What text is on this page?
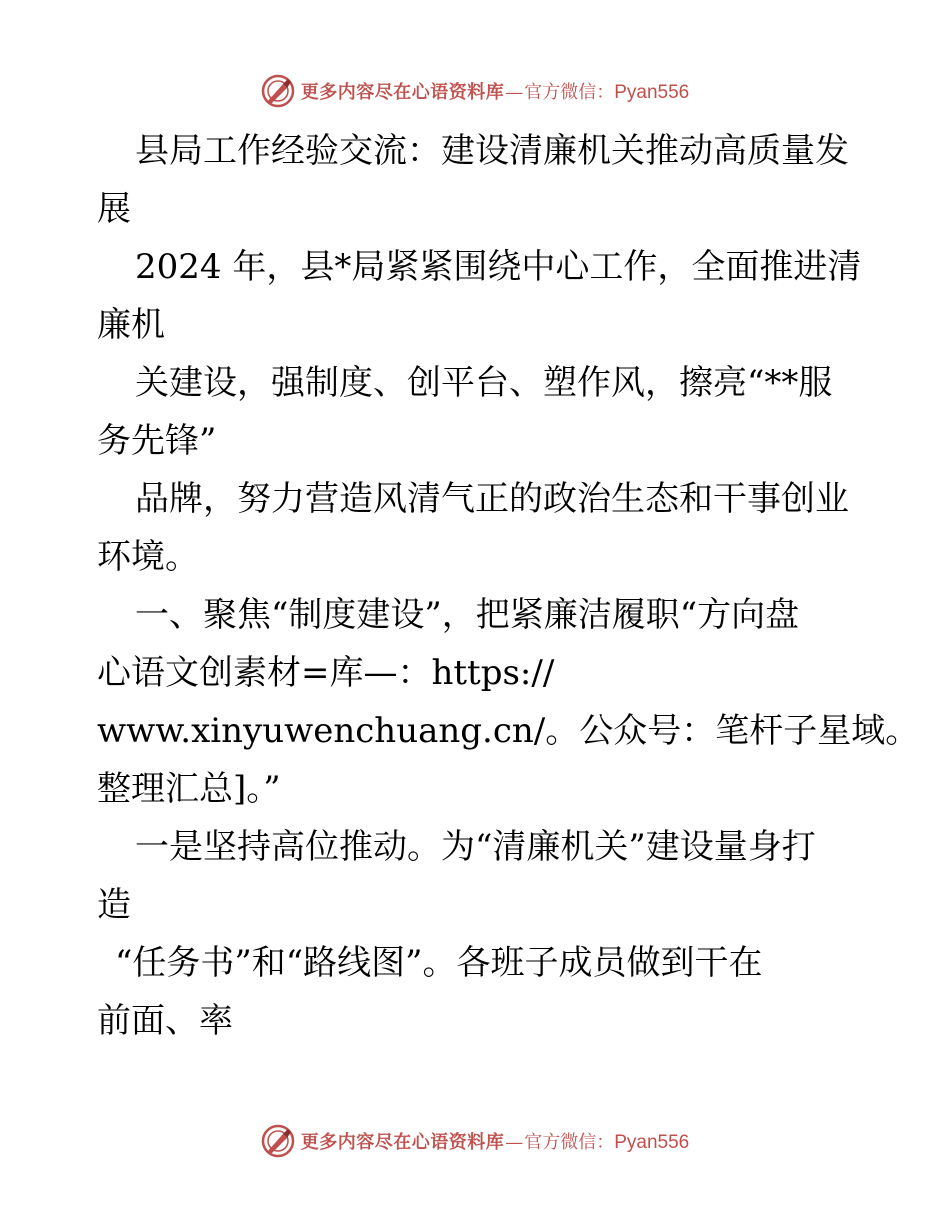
更多内容尽在心语资料库 — 官方微信： Pyan556

县局工作经验交流：建设清廉机关推动高质量发

展

2024 年，县*局紧紧围绕中心工作，全面推进清

廉机

关建设，强制度、创平台、塑作风，擦亮“**服

务先锋”

品牌，努力营造风清气正的政治生态和干事创业

环境。

一、聚焦“制度建设”，把紧廉洁履职“方向盘

心语文创素材=库—：https://

www.xinyuwenchuang.cn/。公众号：笔杆子星域。

整理汇总]。”

一是坚持高位推动。为“清廉机关”建设量身打

造

“任务书”和“路线图”。各班子成员做到干在

前面、率

更多内容尽在心语资料库 — 官方微信： Pyan556
